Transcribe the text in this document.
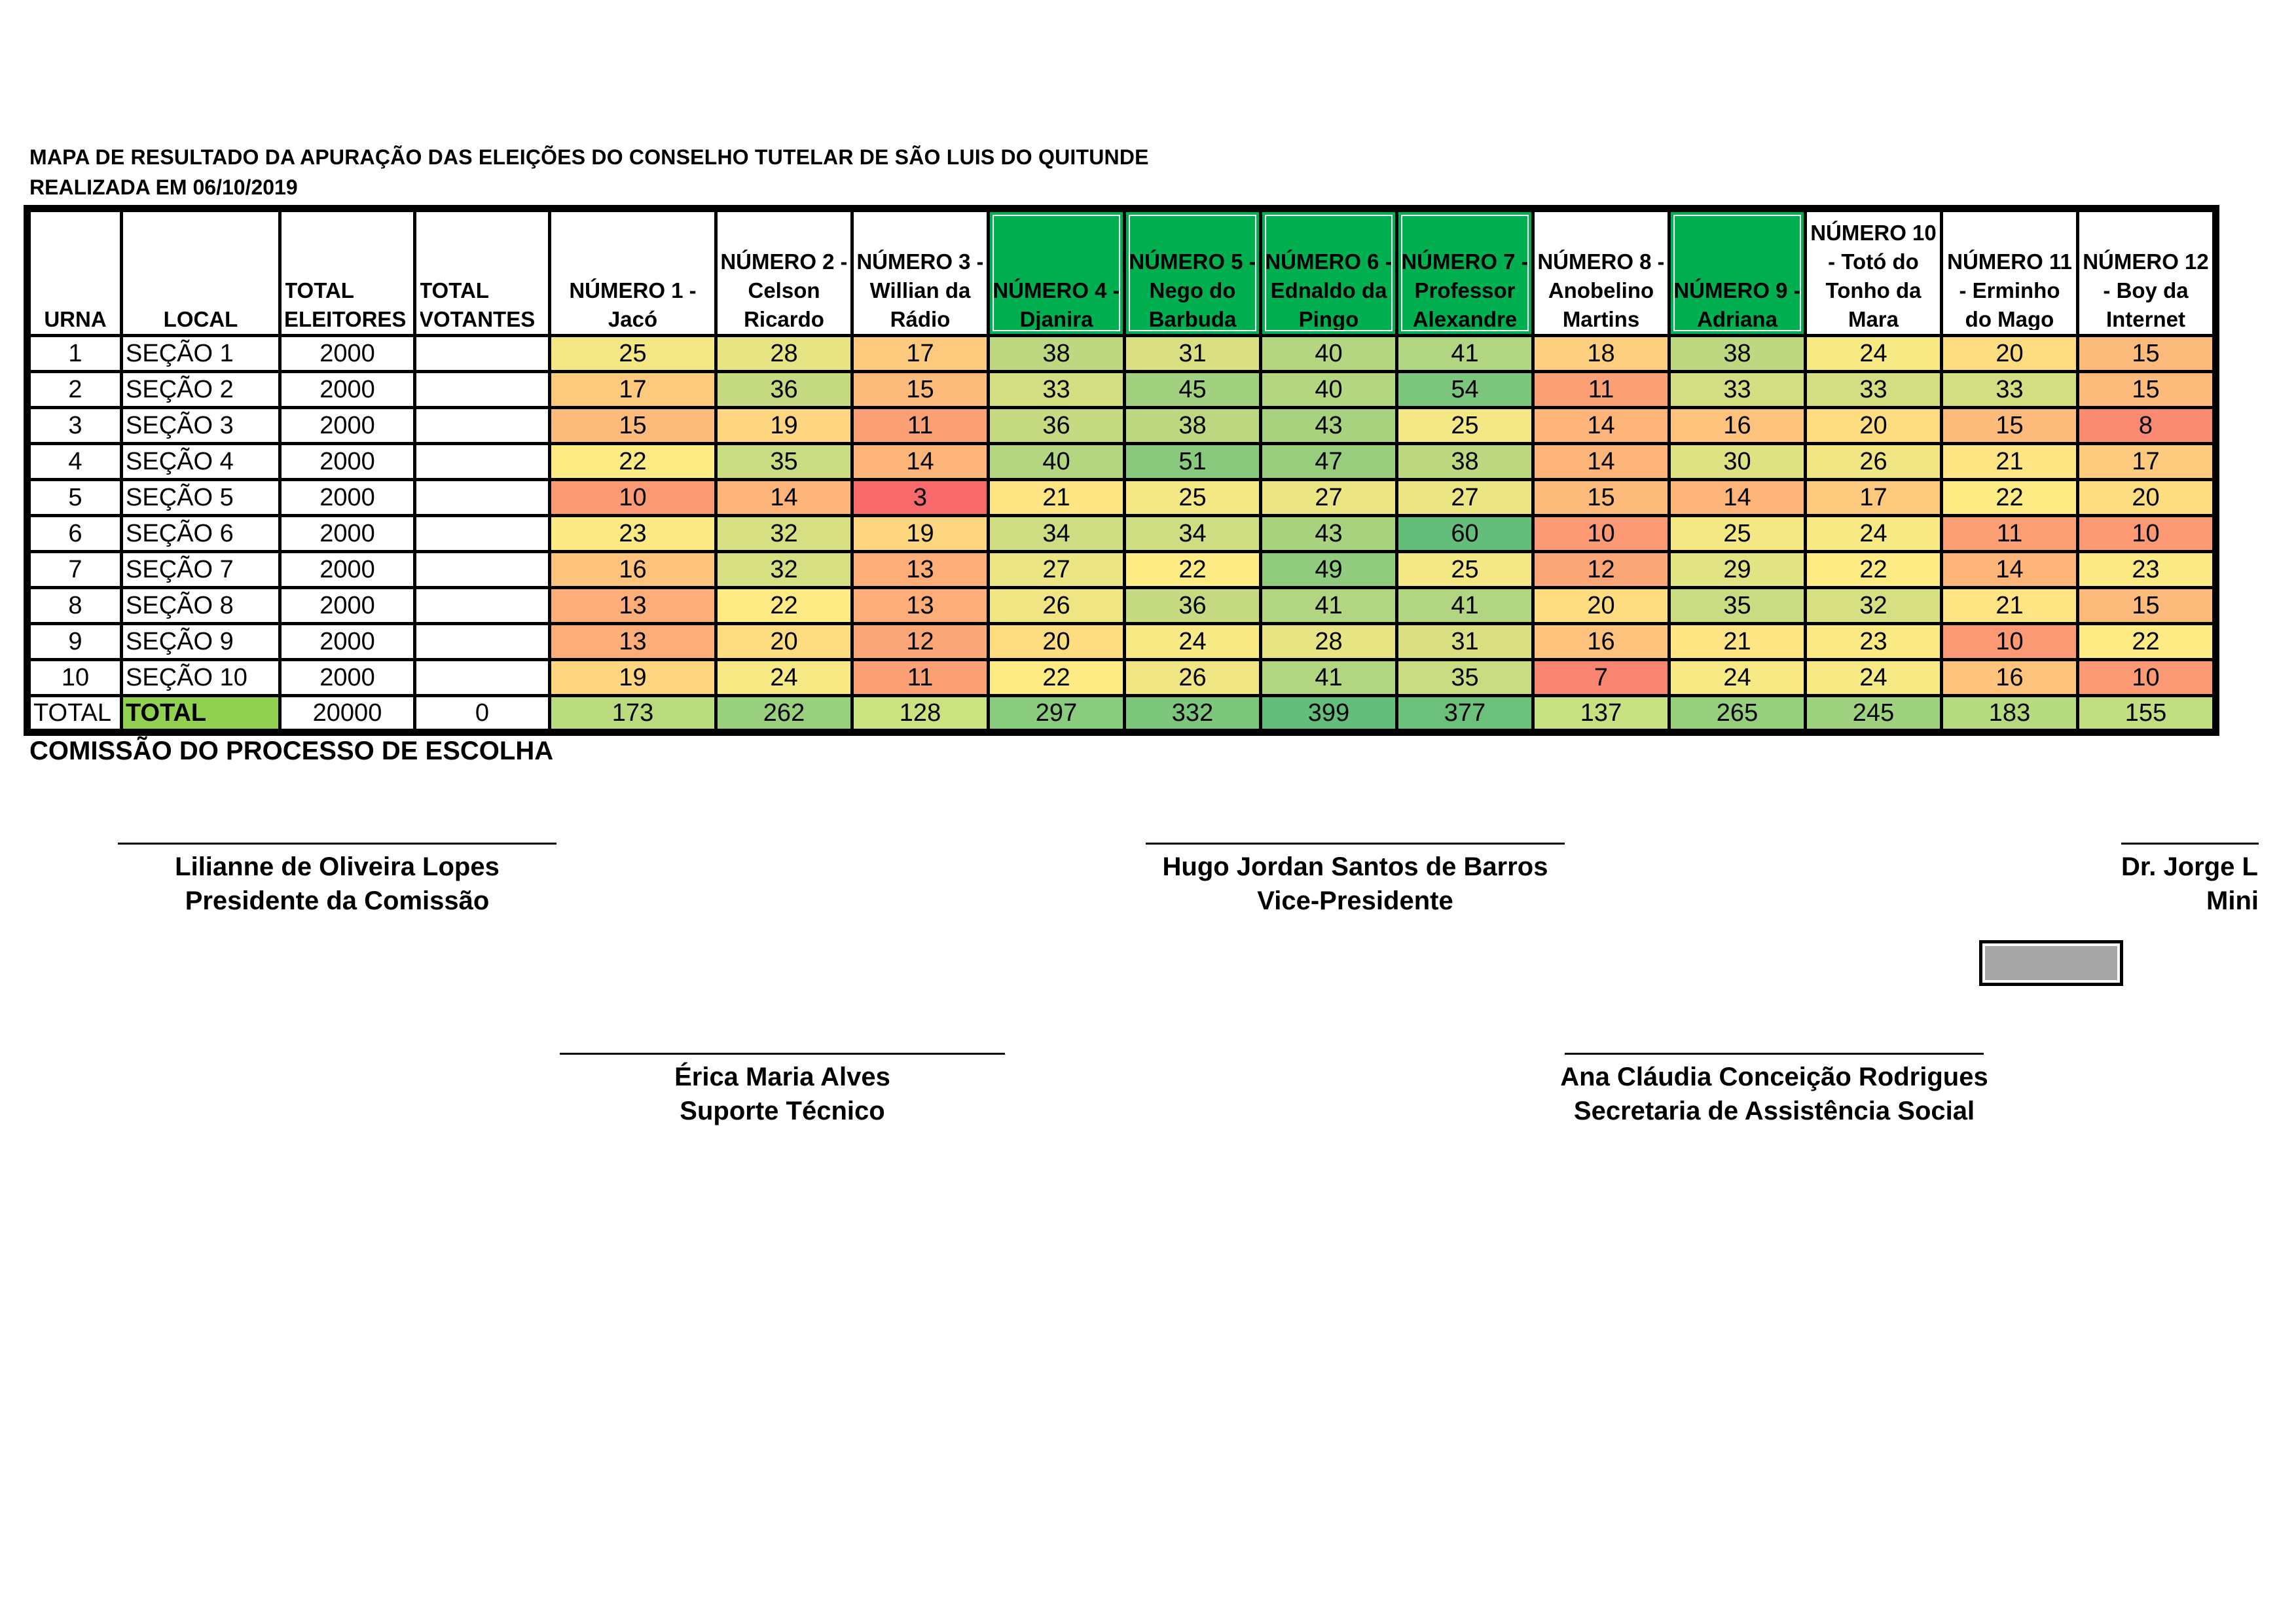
MAPA DE RESULTADO DA APURAÇÃO DAS ELEIÇÕES DO CONSELHO TUTELAR DE SÃO LUIS DO QUITUNDE
REALIZADA EM 06/10/2019
URNA	LOCAL	TOTAL ELEITORES	TOTAL VOTANTES	NÚMERO 1 - Jacó	NÚMERO 2 - Celson Ricardo	NÚMERO 3 - Willian da Rádio	NÚMERO 4 - Djanira	NÚMERO 5 - Nego do Barbuda	NÚMERO 6 - Ednaldo da Pingo	NÚMERO 7 - Professor Alexandre	NÚMERO 8 - Anobelino Martins	NÚMERO 9 - Adriana	NÚMERO 10 - Totó do Tonho da Mara	NÚMERO 11 - Erminho do Mago	NÚMERO 12 - Boy da Internet
1	SEÇÃO 1	2000		25	28	17	38	31	40	41	18	38	24	20	15
2	SEÇÃO 2	2000		17	36	15	33	45	40	54	11	33	33	33	15
3	SEÇÃO 3	2000		15	19	11	36	38	43	25	14	16	20	15	8
4	SEÇÃO 4	2000		22	35	14	40	51	47	38	14	30	26	21	17
5	SEÇÃO 5	2000		10	14	3	21	25	27	27	15	14	17	22	20
6	SEÇÃO 6	2000		23	32	19	34	34	43	60	10	25	24	11	10
7	SEÇÃO 7	2000		16	32	13	27	22	49	25	12	29	22	14	23
8	SEÇÃO 8	2000		13	22	13	26	36	41	41	20	35	32	21	15
9	SEÇÃO 9	2000		13	20	12	20	24	28	31	16	21	23	10	22
10	SEÇÃO 10	2000		19	24	11	22	26	41	35	7	24	24	16	10
TOTAL	TOTAL	20000	0	173	262	128	297	332	399	377	137	265	245	183	155
COMISSÃO DO PROCESSO DE ESCOLHA
Lilianne de Oliveira Lopes
Presidente da Comissão
Hugo Jordan Santos de Barros
Vice-Presidente
Dr. Jorge L
Mini
Érica Maria Alves
Suporte Técnico
Ana Cláudia Conceição Rodrigues
Secretaria de Assistência Social
